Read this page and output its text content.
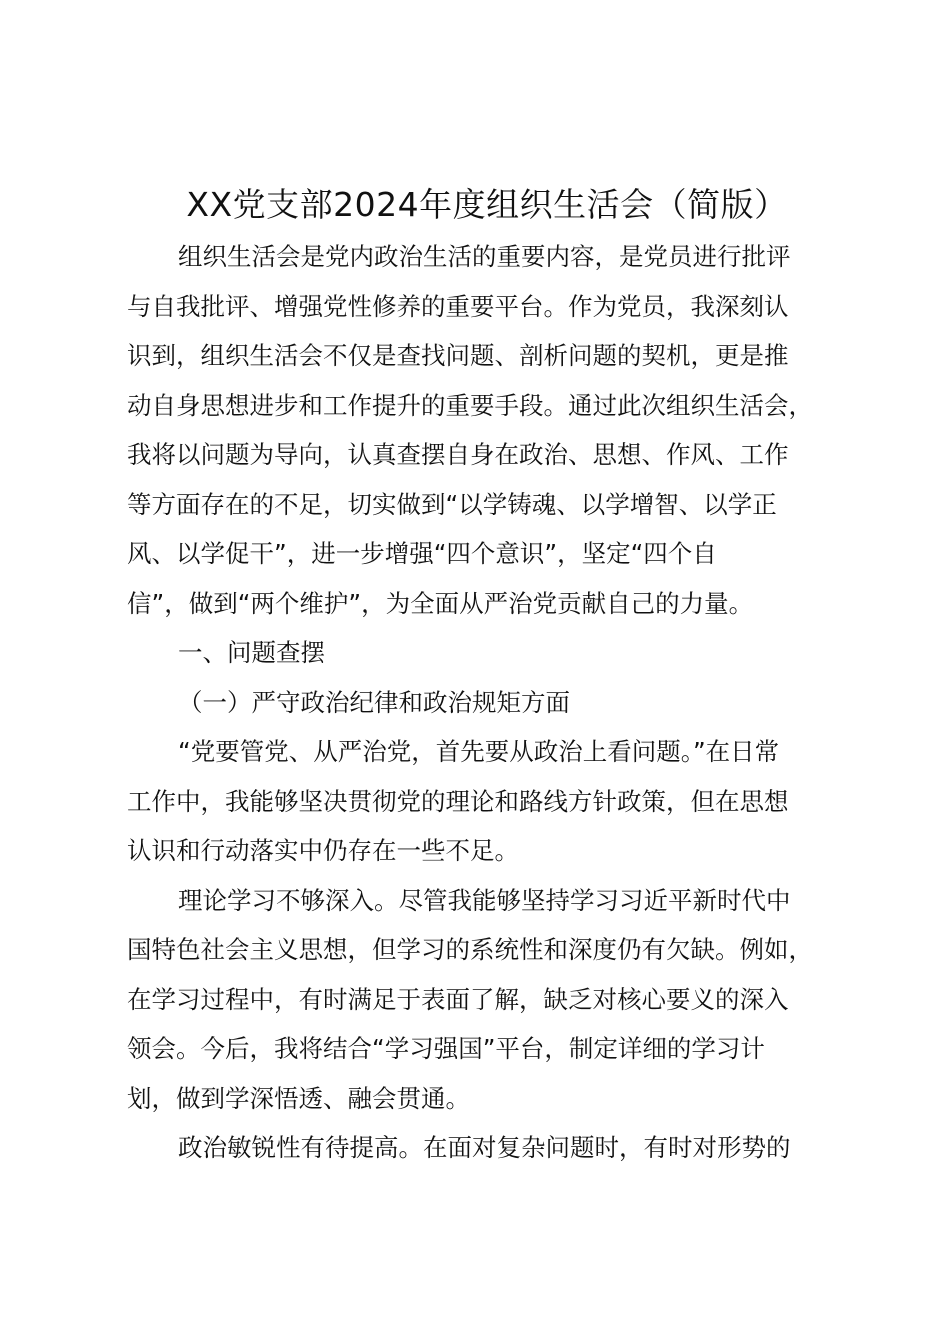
XX党支部2024年度组织生活会（简版）
组织生活会是党内政治生活的重要内容，是党员进行批评
与自我批评、增强党性修养的重要平台。作为党员，我深刻认
识到，组织生活会不仅是查找问题、剖析问题的契机，更是推
动自身思想进步和工作提升的重要手段。通过此次组织生活会，
我将以问题为导向，认真查摆自身在政治、思想、作风、工作
等方面存在的不足，切实做到“以学铸魂、以学增智、以学正
风、以学促干”，进一步增强“四个意识”，坚定“四个自
信”，做到“两个维护”，为全面从严治党贡献自己的力量。
一、问题查摆
（一）严守政治纪律和政治规矩方面
“党要管党、从严治党，首先要从政治上看问题。”在日常
工作中，我能够坚决贯彻党的理论和路线方针政策，但在思想
认识和行动落实中仍存在一些不足。
理论学习不够深入。尽管我能够坚持学习习近平新时代中
国特色社会主义思想，但学习的系统性和深度仍有欠缺。例如，
在学习过程中，有时满足于表面了解，缺乏对核心要义的深入
领会。今后，我将结合“学习强国”平台，制定详细的学习计
划，做到学深悟透、融会贯通。
政治敏锐性有待提高。在面对复杂问题时，有时对形势的
